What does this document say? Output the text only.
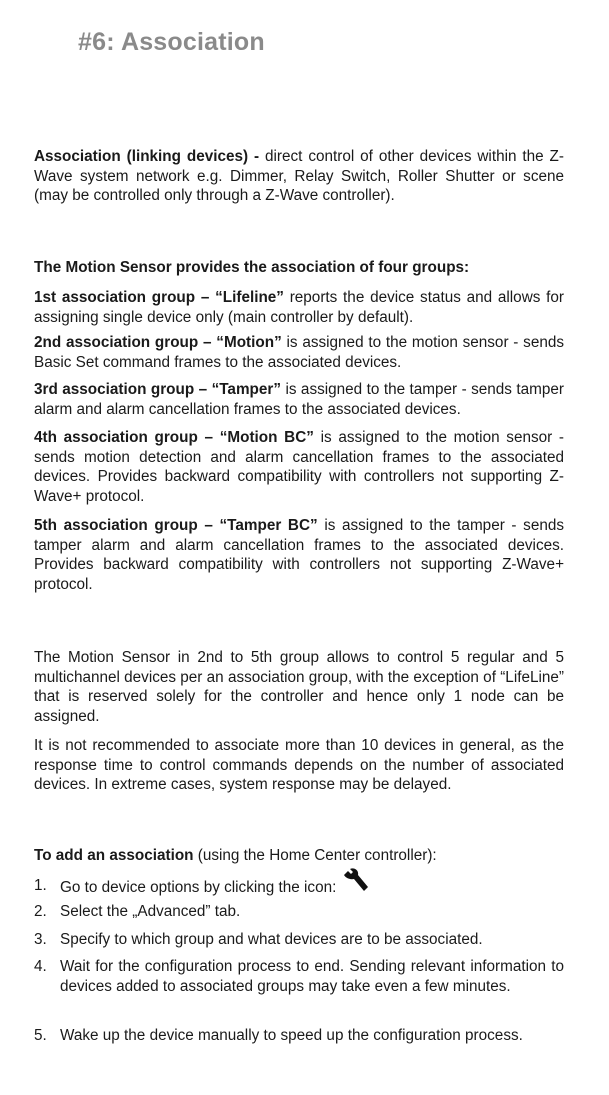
#6: Association

Association (linking devices) - direct control of other devices within the Z-Wave system network e.g. Dimmer, Relay Switch, Roller Shutter or scene (may be controlled only through a Z-Wave controller).

The Motion Sensor provides the association of four groups:

1st association group – “Lifeline” reports the device status and allows for assigning single device only (main controller by default).

2nd association group – “Motion” is assigned to the motion sensor - sends Basic Set command frames to the associated devices.

3rd association group – “Tamper” is assigned to the tamper - sends tamper alarm and alarm cancellation frames to the associated devices.

4th association group – “Motion BC” is assigned to the motion sensor - sends motion detection and alarm cancellation frames to the associated devices. Provides backward compatibility with controllers not supporting Z-Wave+ protocol.

5th association group – “Tamper BC” is assigned to the tamper - sends tamper alarm and alarm cancellation frames to the associated devices. Provides backward compatibility with controllers not supporting Z-Wave+ protocol.

The Motion Sensor in 2nd to 5th group allows to control 5 regular and 5 multichannel devices per an association group, with the exception of “LifeLine” that is reserved solely for the controller and hence only 1 node can be assigned.

It is not recommended to associate more than 10 devices in general, as the response time to control commands depends on the number of associated devices. In extreme cases, system response may be delayed.

To add an association (using the Home Center controller):

1. Go to device options by clicking the icon:
2. Select the „Advanced” tab.
3. Specify to which group and what devices are to be associated.
4. Wait for the configuration process to end. Sending relevant information to devices added to associated groups may take even a few minutes.
5. Wake up the device manually to speed up the configuration process.
